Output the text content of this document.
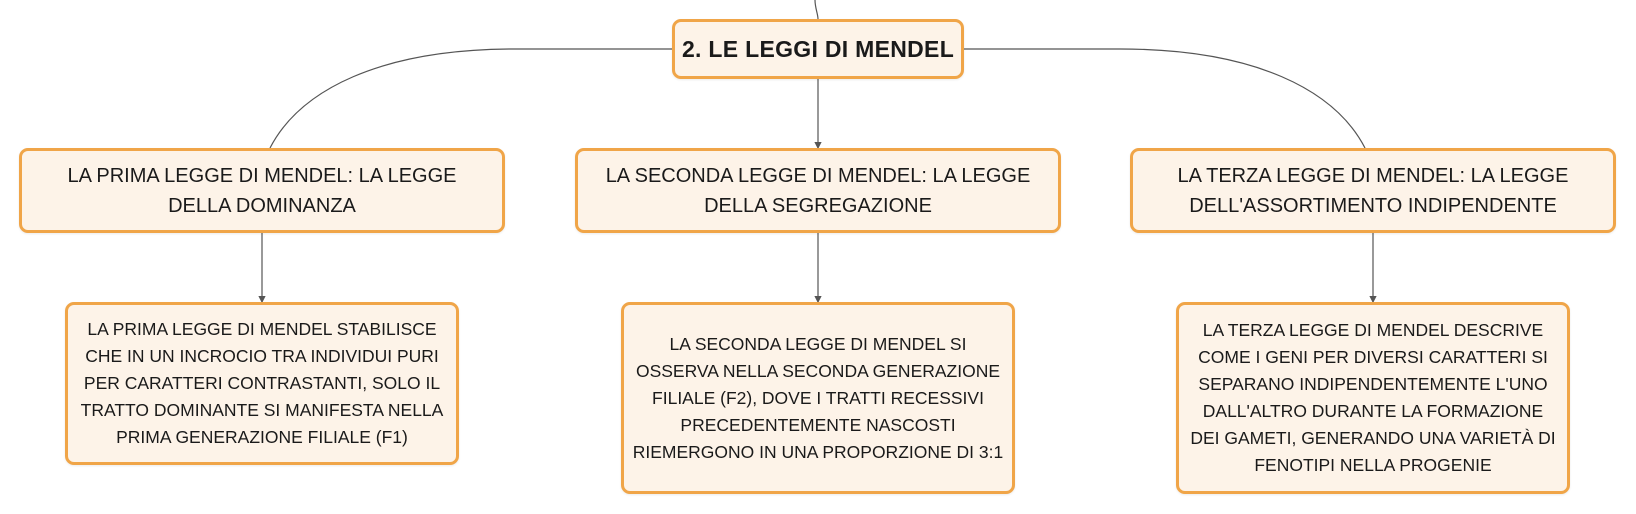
2. LE LEGGI DI MENDEL
LA PRIMA LEGGE DI MENDEL: LA LEGGE DELLA DOMINANZA
LA SECONDA LEGGE DI MENDEL: LA LEGGE DELLA SEGREGAZIONE
LA TERZA LEGGE DI MENDEL: LA LEGGE DELL'ASSORTIMENTO INDIPENDENTE
LA PRIMA LEGGE DI MENDEL STABILISCE CHE IN UN INCROCIO TRA INDIVIDUI PURI PER CARATTERI CONTRASTANTI, SOLO IL TRATTO DOMINANTE SI MANIFESTA NELLA PRIMA GENERAZIONE FILIALE (F1)
LA SECONDA LEGGE DI MENDEL SI OSSERVA NELLA SECONDA GENERAZIONE FILIALE (F2), DOVE I TRATTI RECESSIVI PRECEDENTEMENTE NASCOSTI RIEMERGONO IN UNA PROPORZIONE DI 3:1
LA TERZA LEGGE DI MENDEL DESCRIVE COME I GENI PER DIVERSI CARATTERI SI SEPARANO INDIPENDENTEMENTE L'UNO DALL'ALTRO DURANTE LA FORMAZIONE DEI GAMETI, GENERANDO UNA VARIETÀ DI FENOTIPI NELLA PROGENIE
